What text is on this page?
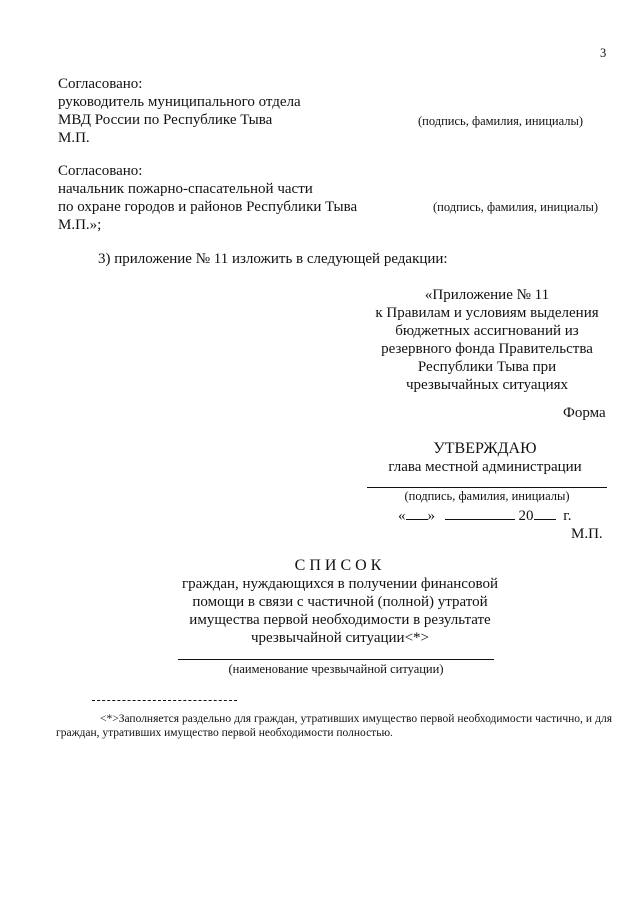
3
Согласовано:
руководитель муниципального отдела
МВД России по Республике Тыва
М.П.
(подпись, фамилия, инициалы)
Согласовано:
начальник пожарно-спасательной части
по охране городов и районов Республики Тыва
М.П.»;
(подпись, фамилия, инициалы)
3) приложение № 11 изложить в следующей редакции:
«Приложение № 11
к Правилам и условиям выделения
бюджетных ассигнований из
резервного фонда Правительства
Республики Тыва при
чрезвычайных ситуациях
Форма
УТВЕРЖДАЮ
глава местной администрации
(подпись, фамилия, инициалы)
« »	20 г.
М.П.
СПИСОК
граждан, нуждающихся в получении финансовой
помощи в связи с частичной (полной) утратой
имущества первой необходимости в результате
чрезвычайной ситуации<*>
(наименование чрезвычайной ситуации)
<*>Заполняется раздельно для граждан, утративших имущество первой необходимости частично, и для граждан, утративших имущество первой необходимости полностью.
